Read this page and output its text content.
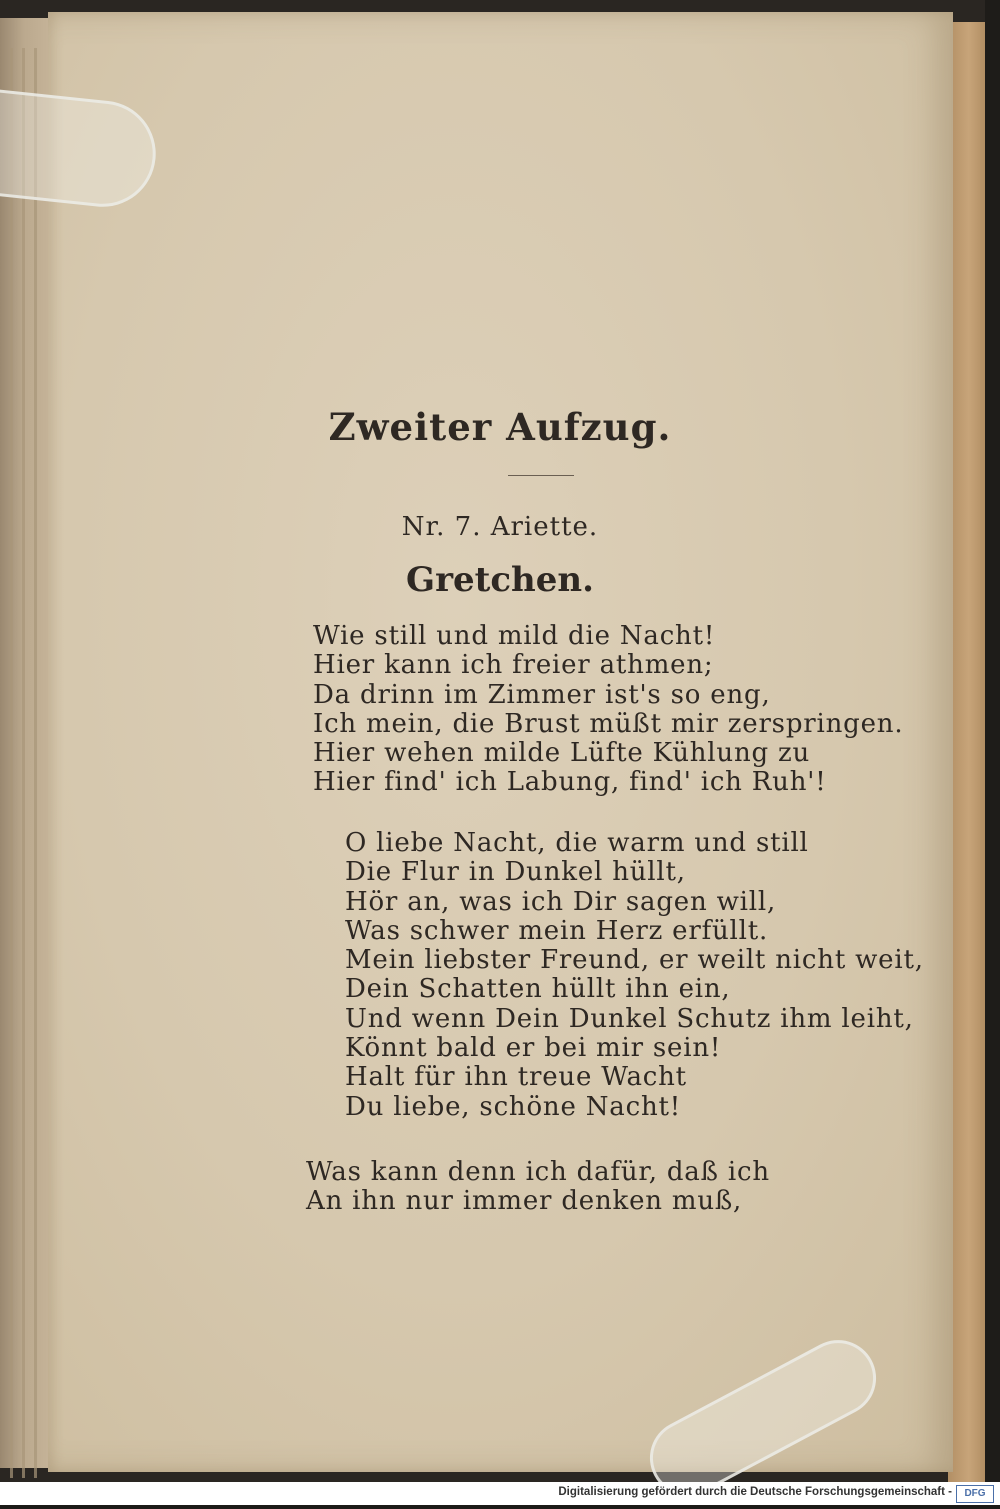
Zweiter Aufzug.
Nr. 7. Ariette.
Gretchen.
Wie still und mild die Nacht!
Hier kann ich freier athmen;
Da drinn im Zimmer ist's so eng,
Ich mein, die Brust müßt mir zerspringen.
Hier wehen milde Lüfte Kühlung zu
Hier find' ich Labung, find' ich Ruh'!
O liebe Nacht, die warm und still
Die Flur in Dunkel hüllt,
Hör an, was ich Dir sagen will,
Was schwer mein Herz erfüllt.
Mein liebster Freund, er weilt nicht weit,
Dein Schatten hüllt ihn ein,
Und wenn Dein Dunkel Schutz ihm leiht,
Könnt bald er bei mir sein!
Halt für ihn treue Wacht
Du liebe, schöne Nacht!
Was kann denn ich dafür, daß ich
An ihn nur immer denken muß,
Digitalisierung gefördert durch die Deutsche Forschungsgemeinschaft -	DFG
